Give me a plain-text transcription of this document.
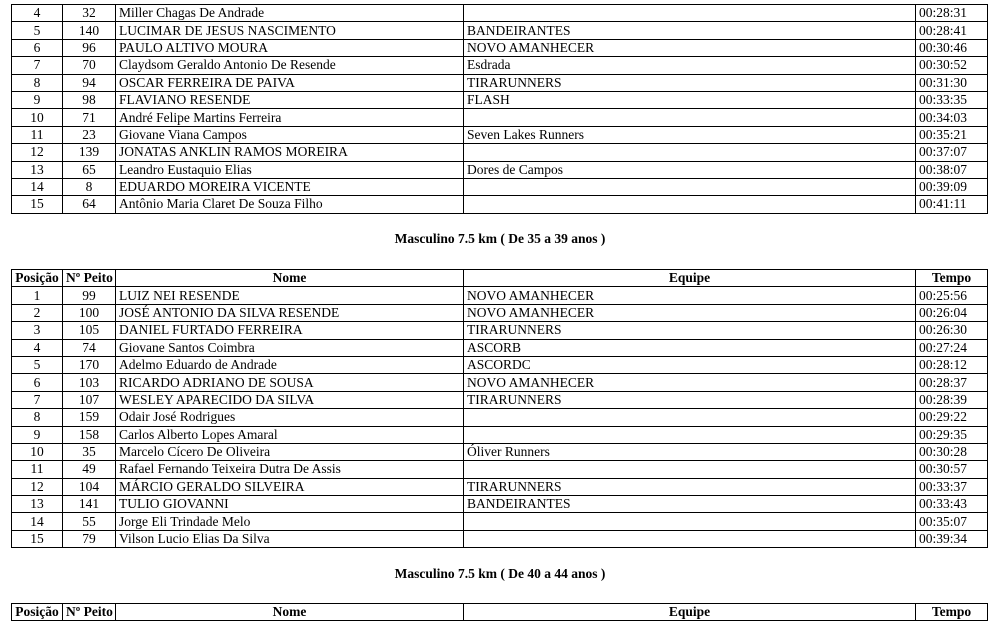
4	32	Miller Chagas De Andrade		00:28:31
5	140	LUCIMAR DE JESUS NASCIMENTO	BANDEIRANTES	00:28:41
6	96	PAULO ALTIVO MOURA	NOVO AMANHECER	00:30:46
7	70	Claydsom Geraldo Antonio De Resende	Esdrada	00:30:52
8	94	OSCAR FERREIRA DE PAIVA	TIRARUNNERS	00:31:30
9	98	FLAVIANO RESENDE	FLASH	00:33:35
10	71	André Felipe Martins Ferreira		00:34:03
11	23	Giovane Viana Campos	Seven Lakes Runners	00:35:21
12	139	JONATAS ANKLIN RAMOS MOREIRA		00:37:07
13	65	Leandro Eustaquio Elias	Dores de Campos	00:38:07
14	8	EDUARDO MOREIRA VICENTE		00:39:09
15	64	Antônio Maria Claret De Souza Filho		00:41:11
Masculino 7.5 km ( De 35 a 39 anos )
Posição	Nº Peito	Nome	Equipe	Tempo
1	99	LUIZ NEI RESENDE	NOVO AMANHECER	00:25:56
2	100	JOSÉ ANTONIO DA SILVA RESENDE	NOVO AMANHECER	00:26:04
3	105	DANIEL FURTADO FERREIRA	TIRARUNNERS	00:26:30
4	74	Giovane Santos Coimbra	ASCORB	00:27:24
5	170	Adelmo Eduardo de Andrade	ASCORDC	00:28:12
6	103	RICARDO ADRIANO DE SOUSA	NOVO AMANHECER	00:28:37
7	107	WESLEY APARECIDO DA SILVA	TIRARUNNERS	00:28:39
8	159	Odair José Rodrigues		00:29:22
9	158	Carlos Alberto Lopes Amaral		00:29:35
10	35	Marcelo Cícero De Oliveira	Óliver Runners	00:30:28
11	49	Rafael Fernando Teixeira Dutra De Assis		00:30:57
12	104	MÁRCIO GERALDO SILVEIRA	TIRARUNNERS	00:33:37
13	141	TULIO GIOVANNI	BANDEIRANTES	00:33:43
14	55	Jorge Eli Trindade Melo		00:35:07
15	79	Vilson Lucio Elias Da Silva		00:39:34
Masculino 7.5 km ( De 40 a 44 anos )
Posição	Nº Peito	Nome	Equipe	Tempo
